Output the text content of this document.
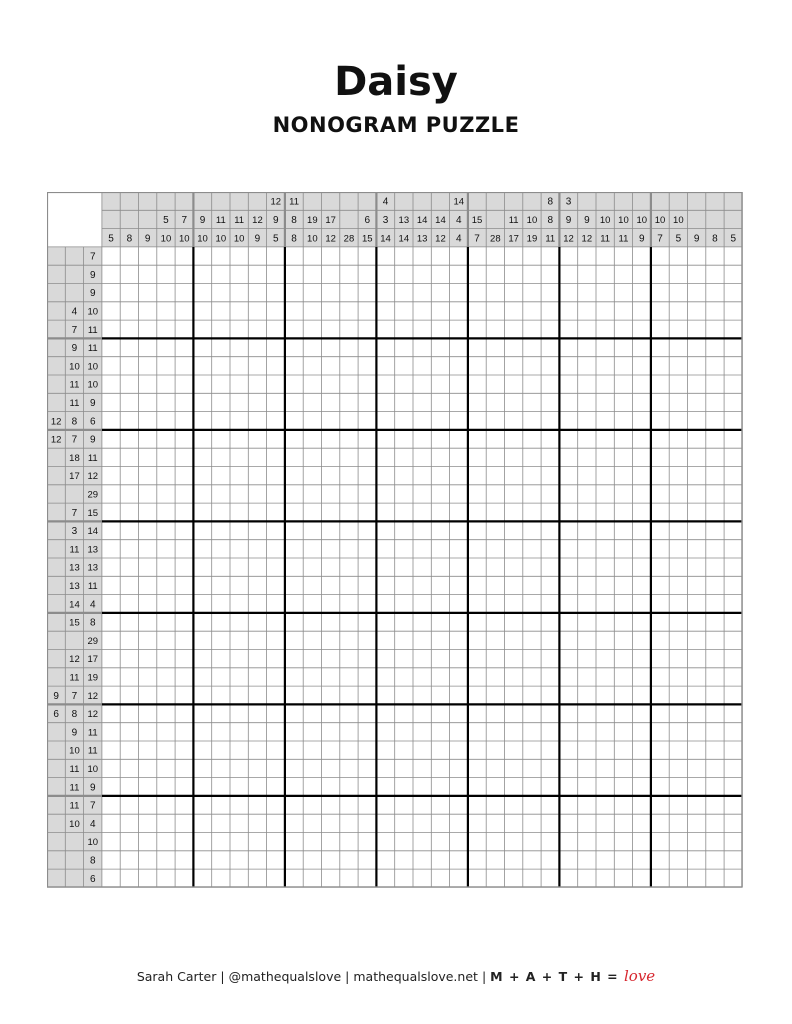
Daisy
NONOGRAM PUZZLE
5 8 9
5
10
7
10
9
10
11
10
11
10
12
9
12
9
5
11
8
8
19
10
17
12 28
6
15
4
3
14
13
14
14
13
14
12
14
4
4
15
7 28
11
17
10
19
8
8
11
3
9
12
9
12
10
11
10
11
10
9
10
7
10
5 9 8 5
7
9
9
4 10
7 11
9 11
10 10
11 10
11 9
12 8 6
12 7 9
18 11
17 12
29
7 15
3 14
11 13
13 13
13 11
14 4
15 8
29
12 17
11 19
9 7 12
6 8 12
9 11
10 11
11 10
11 9
11 7
10 4
10
8
6
Sarah Carter | @mathequalslove | mathequalslove.net | M + A + T + H = love
